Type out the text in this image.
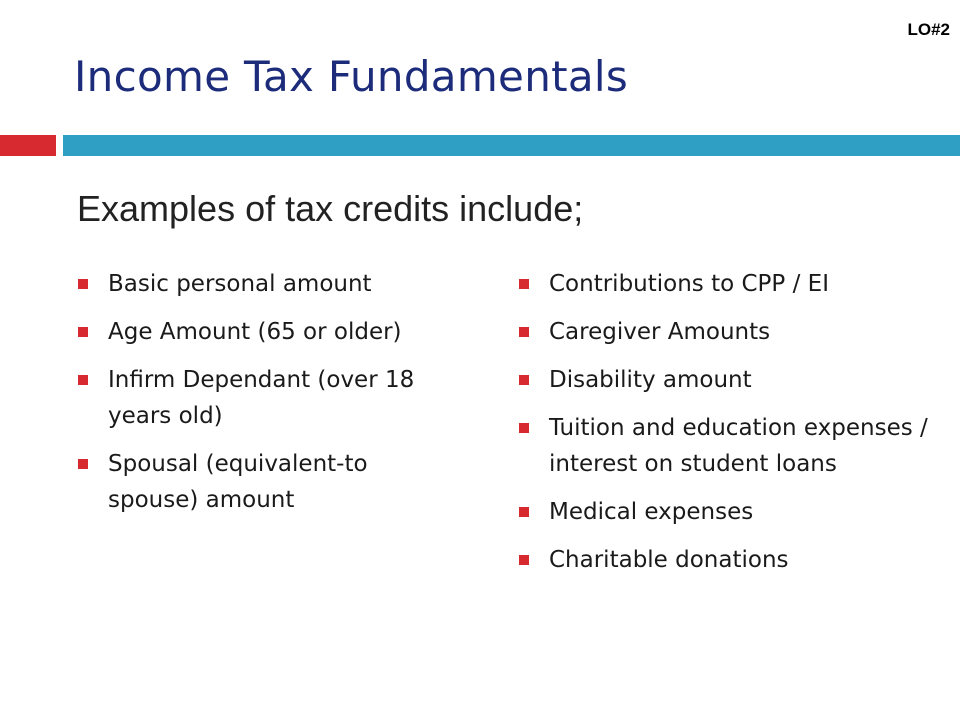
LO#2
Income Tax Fundamentals
Examples of tax credits include;
Basic personal amount
Age Amount (65 or older)
Infirm Dependant (over 18 years old)
Spousal (equivalent-to spouse) amount
Contributions to CPP / EI
Caregiver Amounts
Disability amount
Tuition and education expenses / interest on student loans
Medical expenses
Charitable donations
